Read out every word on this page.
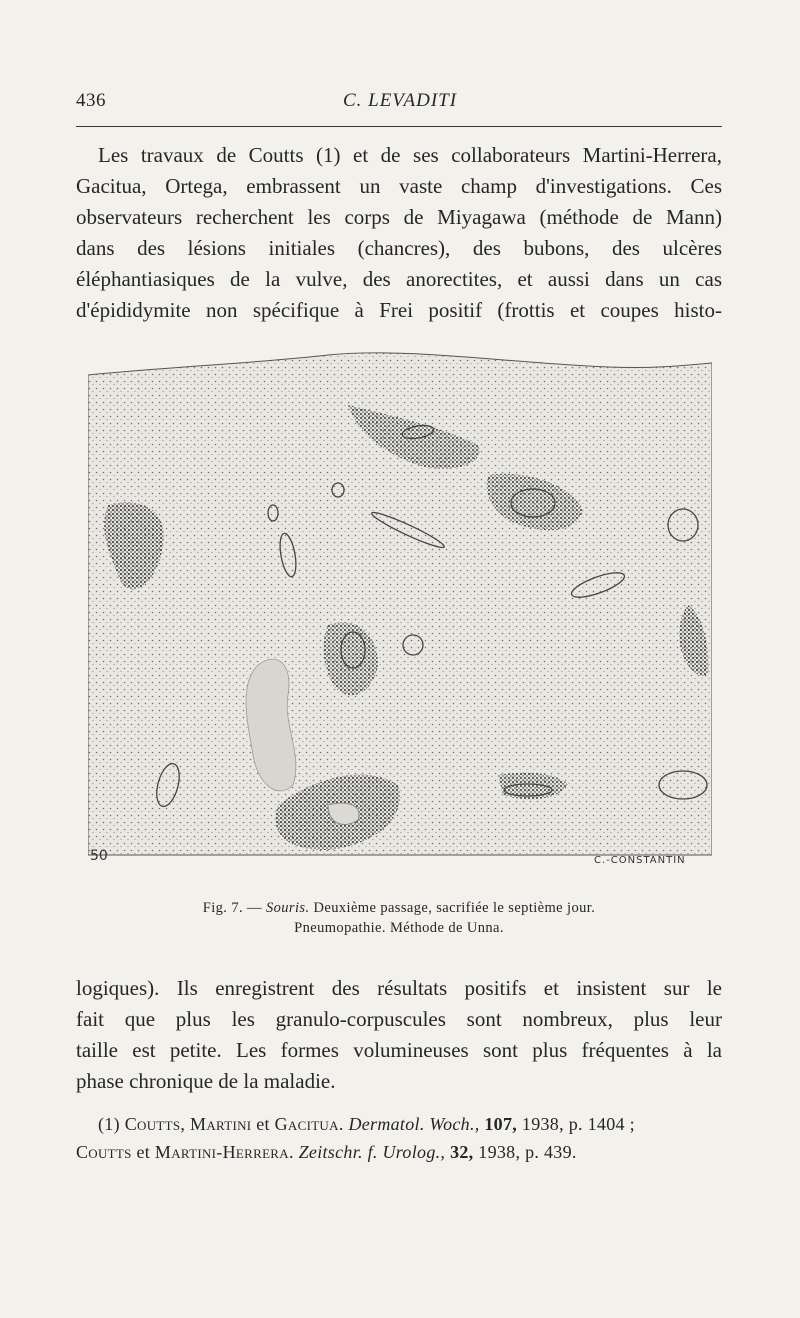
436	C. LEVADITI
Les travaux de Coutts (1) et de ses collaborateurs Martini-Herrera,
Gacitua, Ortega, embrassent un vaste champ d'investigations. Ces
observateurs recherchent les corps de Miyagawa (méthode de Mann)
dans des lésions initiales (chancres), des bubons, des ulcères
éléphantiasiques de la vulve, des anorectites, et aussi dans un cas
d'épididymite non spécifique à Frei positif (frottis et coupes histo-
50	C.-CONSTANTIN
Fig. 7. — Souris. Deuxième passage, sacrifiée le septième jour.
Pneumopathie. Méthode de Unna.
logiques). Ils enregistrent des résultats positifs et insistent sur le
fait que plus les granulo-corpuscules sont nombreux, plus leur
taille est petite. Les formes volumineuses sont plus fréquentes à la
phase chronique de la maladie.
(1) Coutts, Martini et Gacitua. Dermatol. Woch., 107, 1938, p. 1404 ;
Coutts et Martini-Herrera. Zeitschr. f. Urolog., 32, 1938, p. 439.
